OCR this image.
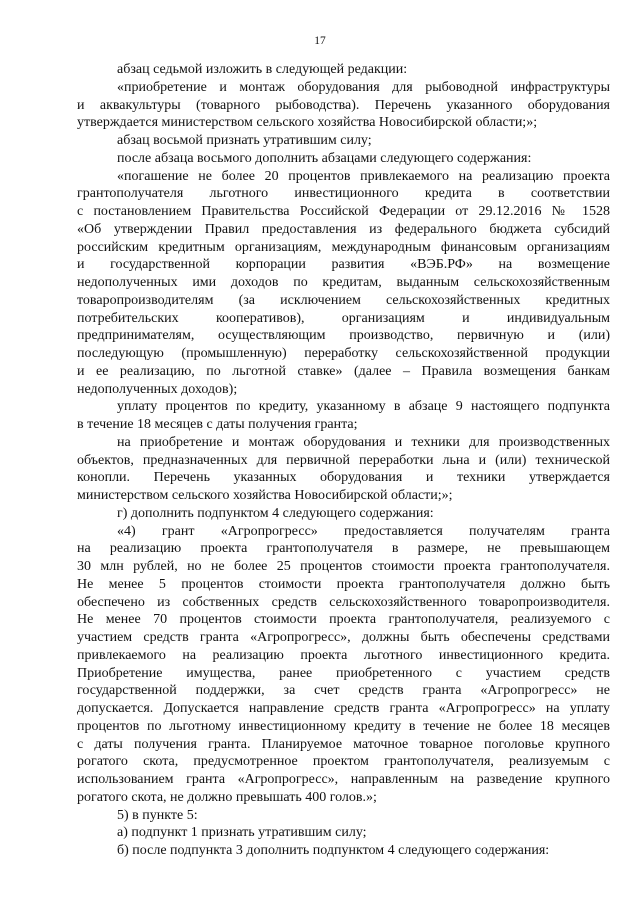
17
абзац седьмой изложить в следующей редакции:
«приобретение и монтаж оборудования для рыбоводной инфраструктуры
и аквакультуры (товарного рыбоводства). Перечень указанного оборудования
утверждается министерством сельского хозяйства Новосибирской области;»;
абзац восьмой признать утратившим силу;
после абзаца восьмого дополнить абзацами следующего содержания:
«погашение не более 20 процентов привлекаемого на реализацию проекта
грантополучателя льготного инвестиционного кредита в соответствии
с постановлением Правительства Российской Федерации от 29.12.2016 № 1528
«Об утверждении Правил предоставления из федерального бюджета субсидий
российским кредитным организациям, международным финансовым организациям
и государственной корпорации развития «ВЭБ.РФ» на возмещение
недополученных ими доходов по кредитам, выданным сельскохозяйственным
товаропроизводителям (за исключением сельскохозяйственных кредитных
потребительских кооперативов), организациям и индивидуальным
предпринимателям, осуществляющим производство, первичную и (или)
последующую (промышленную) переработку сельскохозяйственной продукции
и ее реализацию, по льготной ставке» (далее – Правила возмещения банкам
недополученных доходов);
уплату процентов по кредиту, указанному в абзаце 9 настоящего подпункта
в течение 18 месяцев с даты получения гранта;
на приобретение и монтаж оборудования и техники для производственных
объектов, предназначенных для первичной переработки льна и (или) технической
конопли. Перечень указанных оборудования и техники утверждается
министерством сельского хозяйства Новосибирской области;»;
г) дополнить подпунктом 4 следующего содержания:
«4) грант «Агропрогресс» предоставляется получателям гранта
на реализацию проекта грантополучателя в размере, не превышающем
30 млн рублей, но не более 25 процентов стоимости проекта грантополучателя.
Не менее 5 процентов стоимости проекта грантополучателя должно быть
обеспечено из собственных средств сельскохозяйственного товаропроизводителя.
Не менее 70 процентов стоимости проекта грантополучателя, реализуемого с
участием средств гранта «Агропрогресс», должны быть обеспечены средствами
привлекаемого на реализацию проекта льготного инвестиционного кредита.
Приобретение имущества, ранее приобретенного с участием средств
государственной поддержки, за счет средств гранта «Агропрогресс» не
допускается. Допускается направление средств гранта «Агропрогресс» на уплату
процентов по льготному инвестиционному кредиту в течение не более 18 месяцев
с даты получения гранта. Планируемое маточное товарное поголовье крупного
рогатого скота, предусмотренное проектом грантополучателя, реализуемым с
использованием гранта «Агропрогресс», направленным на разведение крупного
рогатого скота, не должно превышать 400 голов.»;
5) в пункте 5:
а) подпункт 1 признать утратившим силу;
б) после подпункта 3 дополнить подпунктом 4 следующего содержания:
